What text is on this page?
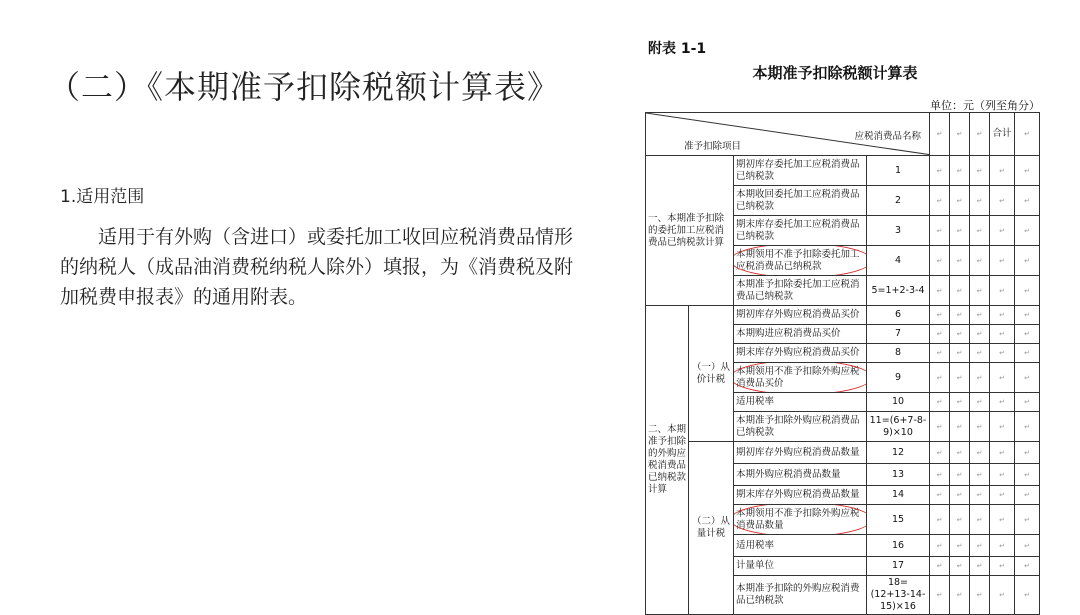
（二）《本期准予扣除税额计算表》
1.适用范围
适用于有外购（含进口）或委托加工收回应税消费品情形的纳税人（成品油消费税纳税人除外）填报，为《消费税及附加税费申报表》的通用附表。
附表 1-1
本期准予扣除税额计算表
单位：元（列至角分）
应税消费品名称
准予扣除项目				↵	↵	↵	合计	↵
一、本期准予扣除的委托加工应税消费品已纳税款计算		期初库存委托加工应税消费品已纳税款	1	↵	↵	↵	↵	↵
		本期收回委托加工应税消费品已纳税款	2	↵	↵	↵	↵	↵
		期末库存委托加工应税消费品已纳税款	3	↵	↵	↵	↵	↵
		本期领用不准予扣除委托加工应税消费品已纳税款	4	↵	↵	↵	↵	↵
		本期准予扣除委托加工应税消费品已纳税款	5=1+2-3-4	↵	↵	↵	↵	↵
二、本期准予扣除的外购应税消费品已纳税款计算	（一）从价计税	期初库存外购应税消费品买价	6	↵	↵	↵	↵	↵
		本期购进应税消费品买价	7	↵	↵	↵	↵	↵
		期末库存外购应税消费品买价	8	↵	↵	↵	↵	↵
		本期领用不准予扣除外购应税消费品买价	9	↵	↵	↵	↵	↵
		适用税率	10	↵	↵	↵	↵	↵
		本期准予扣除外购应税消费品已纳税款	11=(6+7-8-9)×10	↵	↵	↵	↵	↵
	（二）从量计税	期初库存外购应税消费品数量	12	↵	↵	↵	↵	↵
		本期外购应税消费品数量	13	↵	↵	↵	↵	↵
		期末库存外购应税消费品数量	14	↵	↵	↵	↵	↵
		本期领用不准予扣除外购应税消费品数量	15	↵	↵	↵	↵	↵
		适用税率	16	↵	↵	↵	↵	↵
		计量单位	17	↵	↵	↵	↵	↵
		本期准予扣除的外购应税消费品已纳税款	18=(12+13-14-15)×16	↵	↵	↵	↵	↵
